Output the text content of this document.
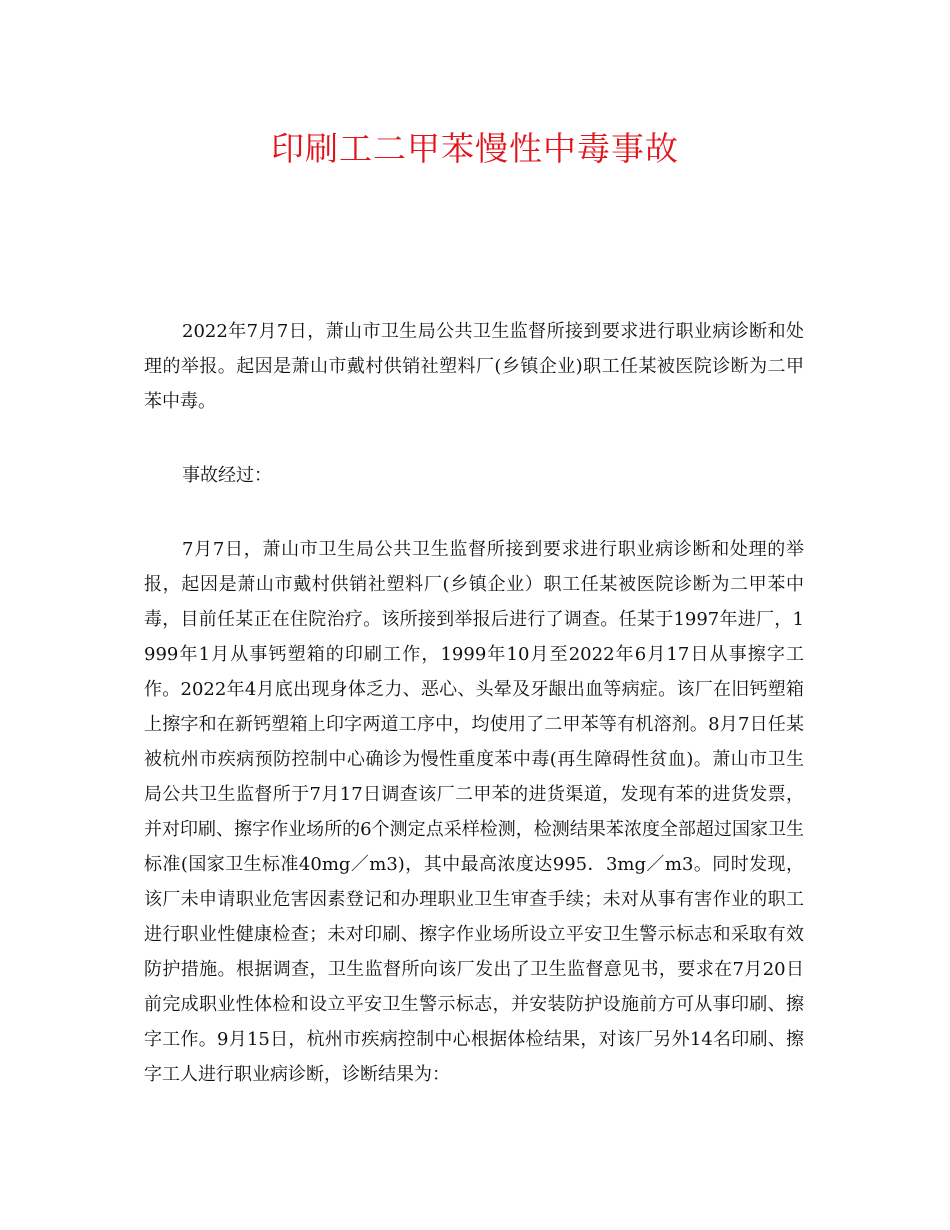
印刷工二甲苯慢性中毒事故

2022年7月7日，萧山市卫生局公共卫生监督所接到要求进行职业病诊断和处理的举报。起因是萧山市戴村供销社塑料厂(乡镇企业)职工任某被医院诊断为二甲苯中毒。

事故经过：

7月7日，萧山市卫生局公共卫生监督所接到要求进行职业病诊断和处理的举报，起因是萧山市戴村供销社塑料厂(乡镇企业）职工任某被医院诊断为二甲苯中毒，目前任某正在住院治疗。该所接到举报后进行了调查。任某于1997年进厂，1999年1月从事钙塑箱的印刷工作，1999年10月至2022年6月17日从事擦字工作。2022年4月底出现身体乏力、恶心、头晕及牙龈出血等病症。该厂在旧钙塑箱上擦字和在新钙塑箱上印字两道工序中，均使用了二甲苯等有机溶剂。8月7日任某被杭州市疾病预防控制中心确诊为慢性重度苯中毒(再生障碍性贫血)。萧山市卫生局公共卫生监督所于7月17日调查该厂二甲苯的进货渠道，发现有苯的进货发票，并对印刷、擦字作业场所的6个测定点采样检测，检测结果苯浓度全部超过国家卫生标准(国家卫生标准40mg／m3)，其中最高浓度达995．3mg／m3。同时发现，该厂未申请职业危害因素登记和办理职业卫生审查手续；未对从事有害作业的职工进行职业性健康检查；未对印刷、擦字作业场所设立平安卫生警示标志和采取有效防护措施。根据调查，卫生监督所向该厂发出了卫生监督意见书，要求在7月20日前完成职业性体检和设立平安卫生警示标志，并安装防护设施前方可从事印刷、擦字工作。9月15日，杭州市疾病控制中心根据体检结果，对该厂另外14名印刷、擦字工人进行职业病诊断，诊断结果为：
